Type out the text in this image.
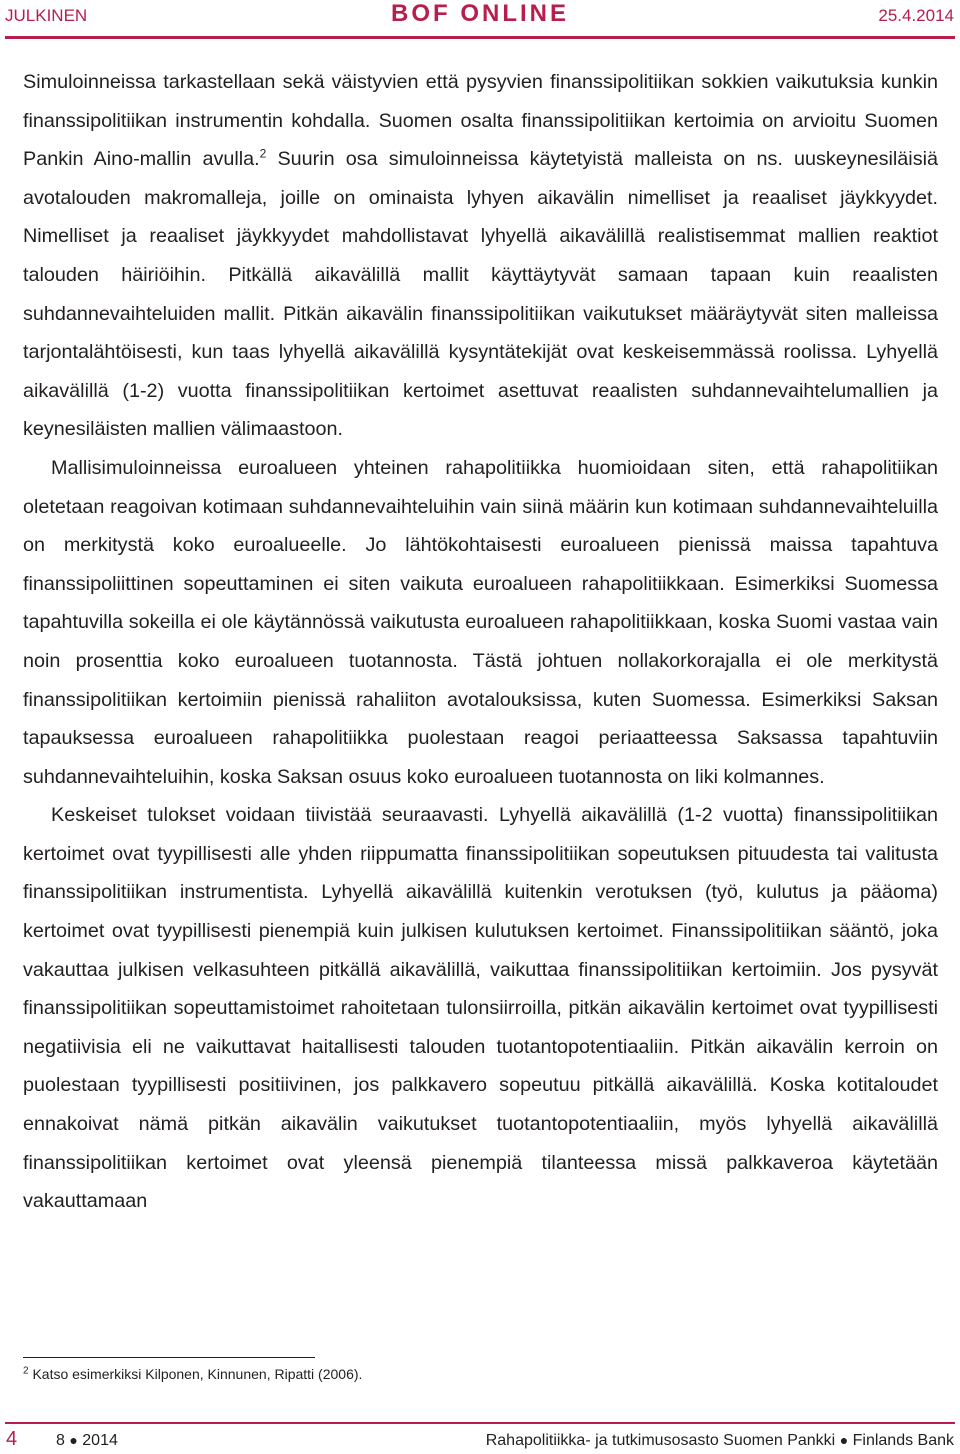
JULKINEN	BOF ONLINE	25.4.2014

Simuloinneissa tarkastellaan sekä väistyvien että pysyvien finanssipolitiikan sokkien vaikutuksia kunkin finanssipolitiikan instrumentin kohdalla. Suomen osalta finanssipolitiikan kertoimia on arvioitu Suomen Pankin Aino-mallin avulla.$^2$ Suurin osa simuloinneissa käytetyistä malleista on ns. uuskeynesiläisiä avotalouden makromalleja, joille on ominaista lyhyen aikavälin nimelliset ja reaaliset jäykkyydet. Nimelliset ja reaaliset jäykkyydet mahdollistavat lyhyellä aikavälillä realistisemmat mallien reaktiot talouden häiriöihin. Pitkällä aikavälillä mallit käyttäytyvät samaan tapaan kuin reaalisten suhdannevaihteluiden mallit. Pitkän aikavälin finanssipolitiikan vaikutukset määräytyvät siten malleissa tarjontalähtöisesti, kun taas lyhyellä aikavälillä kysyntätekijät ovat keskeisemmässä roolissa. Lyhyellä aikavälillä (1-2) vuotta finanssipolitiikan kertoimet asettuvat reaalisten suhdannevaihtelumallien ja keynesiläisten mallien välimaastoon.

Mallisimuloinneissa euroalueen yhteinen rahapolitiikka huomioidaan siten, että rahapolitiikan oletetaan reagoivan kotimaan suhdannevaihteluihin vain siinä määrin kun kotimaan suhdannevaihteluilla on merkitystä koko euroalueelle. Jo lähtökohtaisesti euroalueen pienissä maissa tapahtuva finanssipoliittinen sopeuttaminen ei siten vaikuta euroalueen rahapolitiikkaan. Esimerkiksi Suomessa tapahtuvilla sokeilla ei ole käytännössä vaikutusta euroalueen rahapolitiikkaan, koska Suomi vastaa vain noin prosenttia koko euroalueen tuotannosta. Tästä johtuen nollakorkorajalla ei ole merkitystä finanssipolitiikan kertoimiin pienissä rahaliiton avotalouksissa, kuten Suomessa. Esimerkiksi Saksan tapauksessa euroalueen rahapolitiikka puolestaan reagoi periaatteessa Saksassa tapahtuviin suhdannevaihteluihin, koska Saksan osuus koko euroalueen tuotannosta on liki kolmannes.

Keskeiset tulokset voidaan tiivistää seuraavasti. Lyhyellä aikavälillä (1-2 vuotta) finanssipolitiikan kertoimet ovat tyypillisesti alle yhden riippumatta finanssipolitiikan sopeutuksen pituudesta tai valitusta finanssipolitiikan instrumentista. Lyhyellä aikavälillä kuitenkin verotuksen (työ, kulutus ja pääoma) kertoimet ovat tyypillisesti pienempiä kuin julkisen kulutuksen kertoimet. Finanssipolitiikan sääntö, joka vakauttaa julkisen velkasuhteen pitkällä aikavälillä, vaikuttaa finanssipolitiikan kertoimiin. Jos pysyvät finanssipolitiikan sopeuttamistoimet rahoitetaan tulonsiirroilla, pitkän aikavälin kertoimet ovat tyypillisesti negatiivisia eli ne vaikuttavat haitallisesti talouden tuotantopotentiaaliin. Pitkän aikavälin kerroin on puolestaan tyypillisesti positiivinen, jos palkkavero sopeutuu pitkällä aikavälillä. Koska kotitaloudet ennakoivat nämä pitkän aikavälin vaikutukset tuotantopotentiaaliin, myös lyhyellä aikavälillä finanssipolitiikan kertoimet ovat yleensä pienempiä tilanteessa missä palkkaveroa käytetään vakauttamaan

$^2$ Katso esimerkiksi Kilponen, Kinnunen, Ripatti (2006).
4 8 ● 2014	Rahapolitiikka- ja tutkimusosasto Suomen Pankki ● Finlands Bank
